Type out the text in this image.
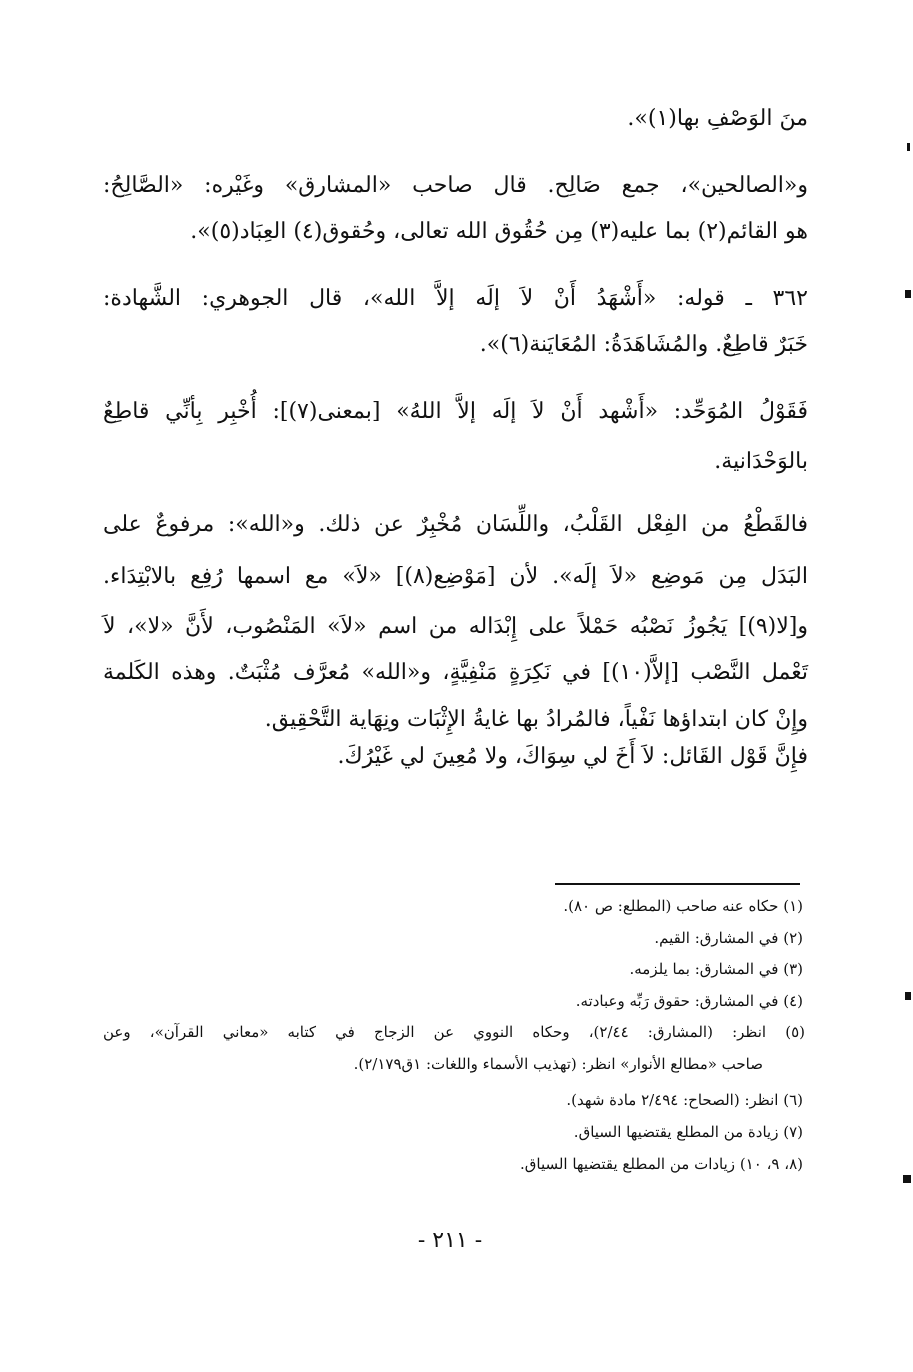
منَ الوَصْفِ بها(١)».
و«الصالحين»، جمع صَالِح. قال صاحب «المشارق» وغَيْره: «الصَّالِحُ:
هو القائم(٢) بما عليه(٣) مِن حُقُوق الله تعالى، وحُقوق(٤) العِبَاد(٥)».
٣٦٢ ـ قوله: «أَشْهَدُ أَنْ لاَ إلَه إلاَّ الله»، قال الجوهري: الشَّهادة:
خَبَرٌ قاطِعٌ. والمُشَاهَدَةُ: المُعَايَنة(٦)».
فَقَوْلُ المُوَحِّد: «أَشْهد أَنْ لاَ إلَه إلاَّ اللهُ» [بمعنى(٧)]: أُخْبِر بِأنِّي قاطِعٌ
بالوَحْدَانية.
فالقَطْعُ من الفِعْل القَلْبُ، واللِّسَان مُخْبِرٌ عن ذلك. و«الله»: مرفوعٌ على
البَدَل مِن مَوضِع «لاَ إلَه». لأن [مَوْضِع(٨)] «لاَ» مع اسمها رُفِع بالابْتِدَاء.
و[لا(٩)] يَجُوزُ نَصْبُه حَمْلاً على إِبْدَاله من اسم «لاَ» المَنْصُوب، لأَنَّ «لا»، لاَ
تَعْمل النَّصْب [إلاَّ(١٠)] في نَكِرَةٍ مَنْفِيَّةٍ، و«الله» مُعرَّف مُثْبَتٌ. وهذه الكَلمة
وإِنْ كان ابتداؤها نَفْياً، فالمُرادُ بها غايةُ الإِثْبَات ونِهَاية التَّحْقِيق.
فإِنَّ قَوْل القَائل: لاَ أَخَ لي سِوَاكَ، ولا مُعِينَ لي غَيْرُكَ.
(١) حكاه عنه صاحب (المطلع: ص ٨٠).
(٢) في المشارق: القيم.
(٣) في المشارق: بما يلزمه.
(٤) في المشارق: حقوق رَبِّه وعبادته.
(٥) انظر: (المشارق: ٢/٤٤)، وحكاه النووي عن الزجاج في كتابه «معاني القرآن»، وعن
صاحب «مطالع الأنوار» انظر: (تهذيب الأسماء واللغات: ١ق٢/١٧٩).
(٦) انظر: (الصحاح: ٢/٤٩٤ مادة شهد).
(٧) زيادة من المطلع يقتضيها السياق.
(٨، ٩، ١٠) زيادات من المطلع يقتضيها السياق.
- ٢١١ -
